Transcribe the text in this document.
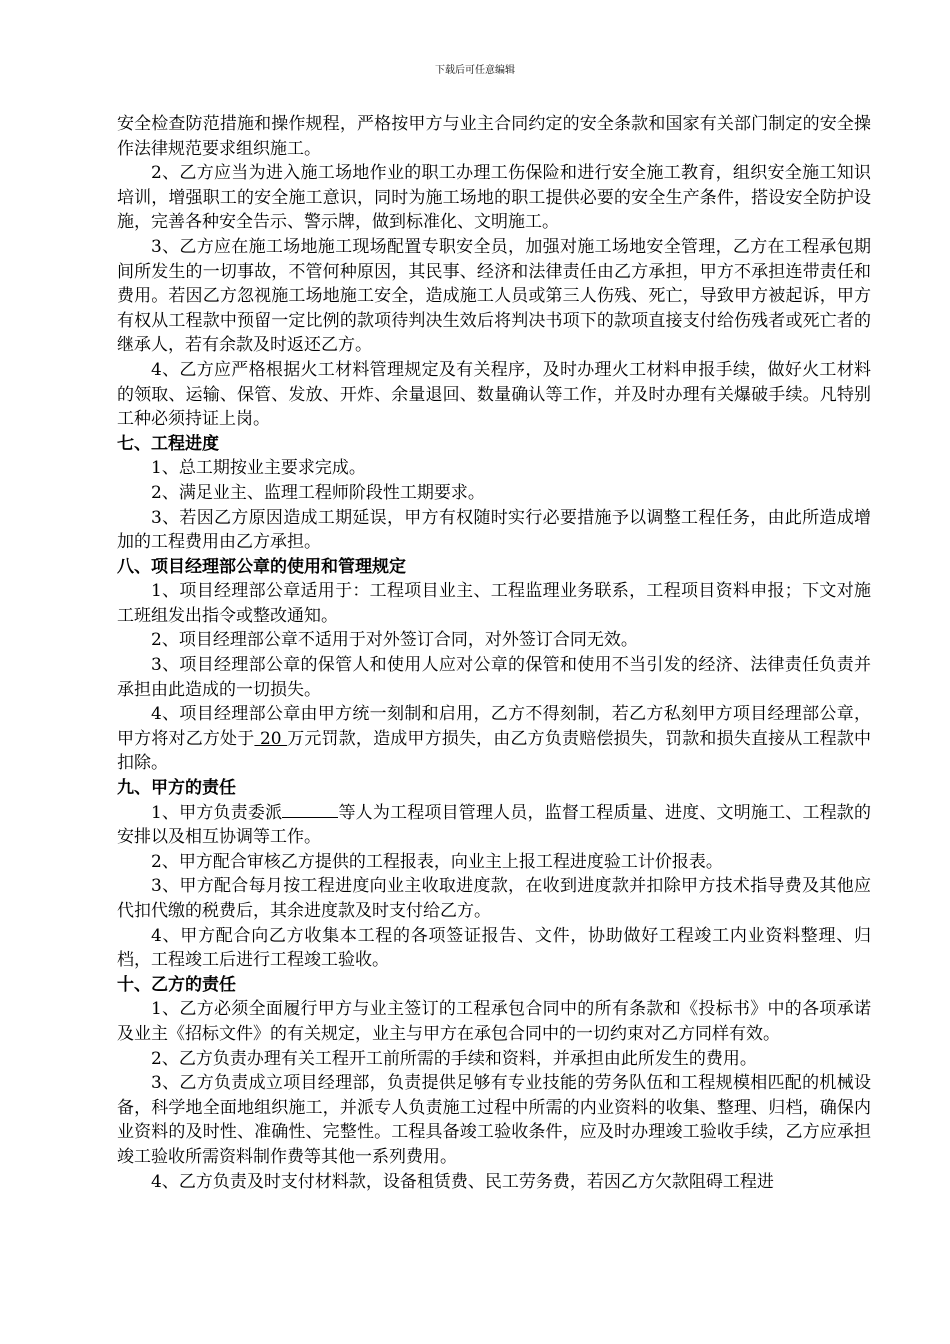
下载后可任意编辑

安全检查防范措施和操作规程，严格按甲方与业主合同约定的安全条款和国家有关部门制定的安全操作法律规范要求组织施工。

2、乙方应当为进入施工场地作业的职工办理工伤保险和进行安全施工教育，组织安全施工知识培训，增强职工的安全施工意识，同时为施工场地的职工提供必要的安全生产条件，搭设安全防护设施，完善各种安全告示、警示牌，做到标准化、文明施工。

3、乙方应在施工场地施工现场配置专职安全员，加强对施工场地安全管理，乙方在工程承包期间所发生的一切事故，不管何种原因，其民事、经济和法律责任由乙方承担，甲方不承担连带责任和费用。若因乙方忽视施工场地施工安全，造成施工人员或第三人伤残、死亡，导致甲方被起诉，甲方有权从工程款中预留一定比例的款项待判决生效后将判决书项下的款项直接支付给伤残者或死亡者的继承人，若有余款及时返还乙方。

4、乙方应严格根据火工材料管理规定及有关程序，及时办理火工材料申报手续，做好火工材料的领取、运输、保管、发放、开炸、余量退回、数量确认等工作，并及时办理有关爆破手续。凡特别工种必须持证上岗。

七、工程进度

1、总工期按业主要求完成。

2、满足业主、监理工程师阶段性工期要求。

3、若因乙方原因造成工期延误，甲方有权随时实行必要措施予以调整工程任务，由此所造成增加的工程费用由乙方承担。

八、项目经理部公章的使用和管理规定

1、项目经理部公章适用于：工程项目业主、工程监理业务联系，工程项目资料申报；下文对施工班组发出指令或整改通知。

2、项目经理部公章不适用于对外签订合同，对外签订合同无效。

3、项目经理部公章的保管人和使用人应对公章的保管和使用不当引发的经济、法律责任负责并承担由此造成的一切损失。

4、项目经理部公章由甲方统一刻制和启用，乙方不得刻制，若乙方私刻甲方项目经理部公章，甲方将对乙方处于 20 万元罚款，造成甲方损失，由乙方负责赔偿损失，罚款和损失直接从工程款中扣除。

九、甲方的责任

1、甲方负责委派	等人为工程项目管理人员，监督工程质量、进度、文明施工、工程款的安排以及相互协调等工作。

2、甲方配合审核乙方提供的工程报表，向业主上报工程进度验工计价报表。

3、甲方配合每月按工程进度向业主收取进度款，在收到进度款并扣除甲方技术指导费及其他应代扣代缴的税费后，其余进度款及时支付给乙方。

4、甲方配合向乙方收集本工程的各项签证报告、文件，协助做好工程竣工内业资料整理、归档，工程竣工后进行工程竣工验收。

十、乙方的责任

1、乙方必须全面履行甲方与业主签订的工程承包合同中的所有条款和《投标书》中的各项承诺及业主《招标文件》的有关规定，业主与甲方在承包合同中的一切约束对乙方同样有效。

2、乙方负责办理有关工程开工前所需的手续和资料，并承担由此所发生的费用。

3、乙方负责成立项目经理部，负责提供足够有专业技能的劳务队伍和工程规模相匹配的机械设备，科学地全面地组织施工，并派专人负责施工过程中所需的内业资料的收集、整理、归档，确保内业资料的及时性、准确性、完整性。工程具备竣工验收条件，应及时办理竣工验收手续，乙方应承担竣工验收所需资料制作费等其他一系列费用。

4、乙方负责及时支付材料款，设备租赁费、民工劳务费，若因乙方欠款阻碍工程进
